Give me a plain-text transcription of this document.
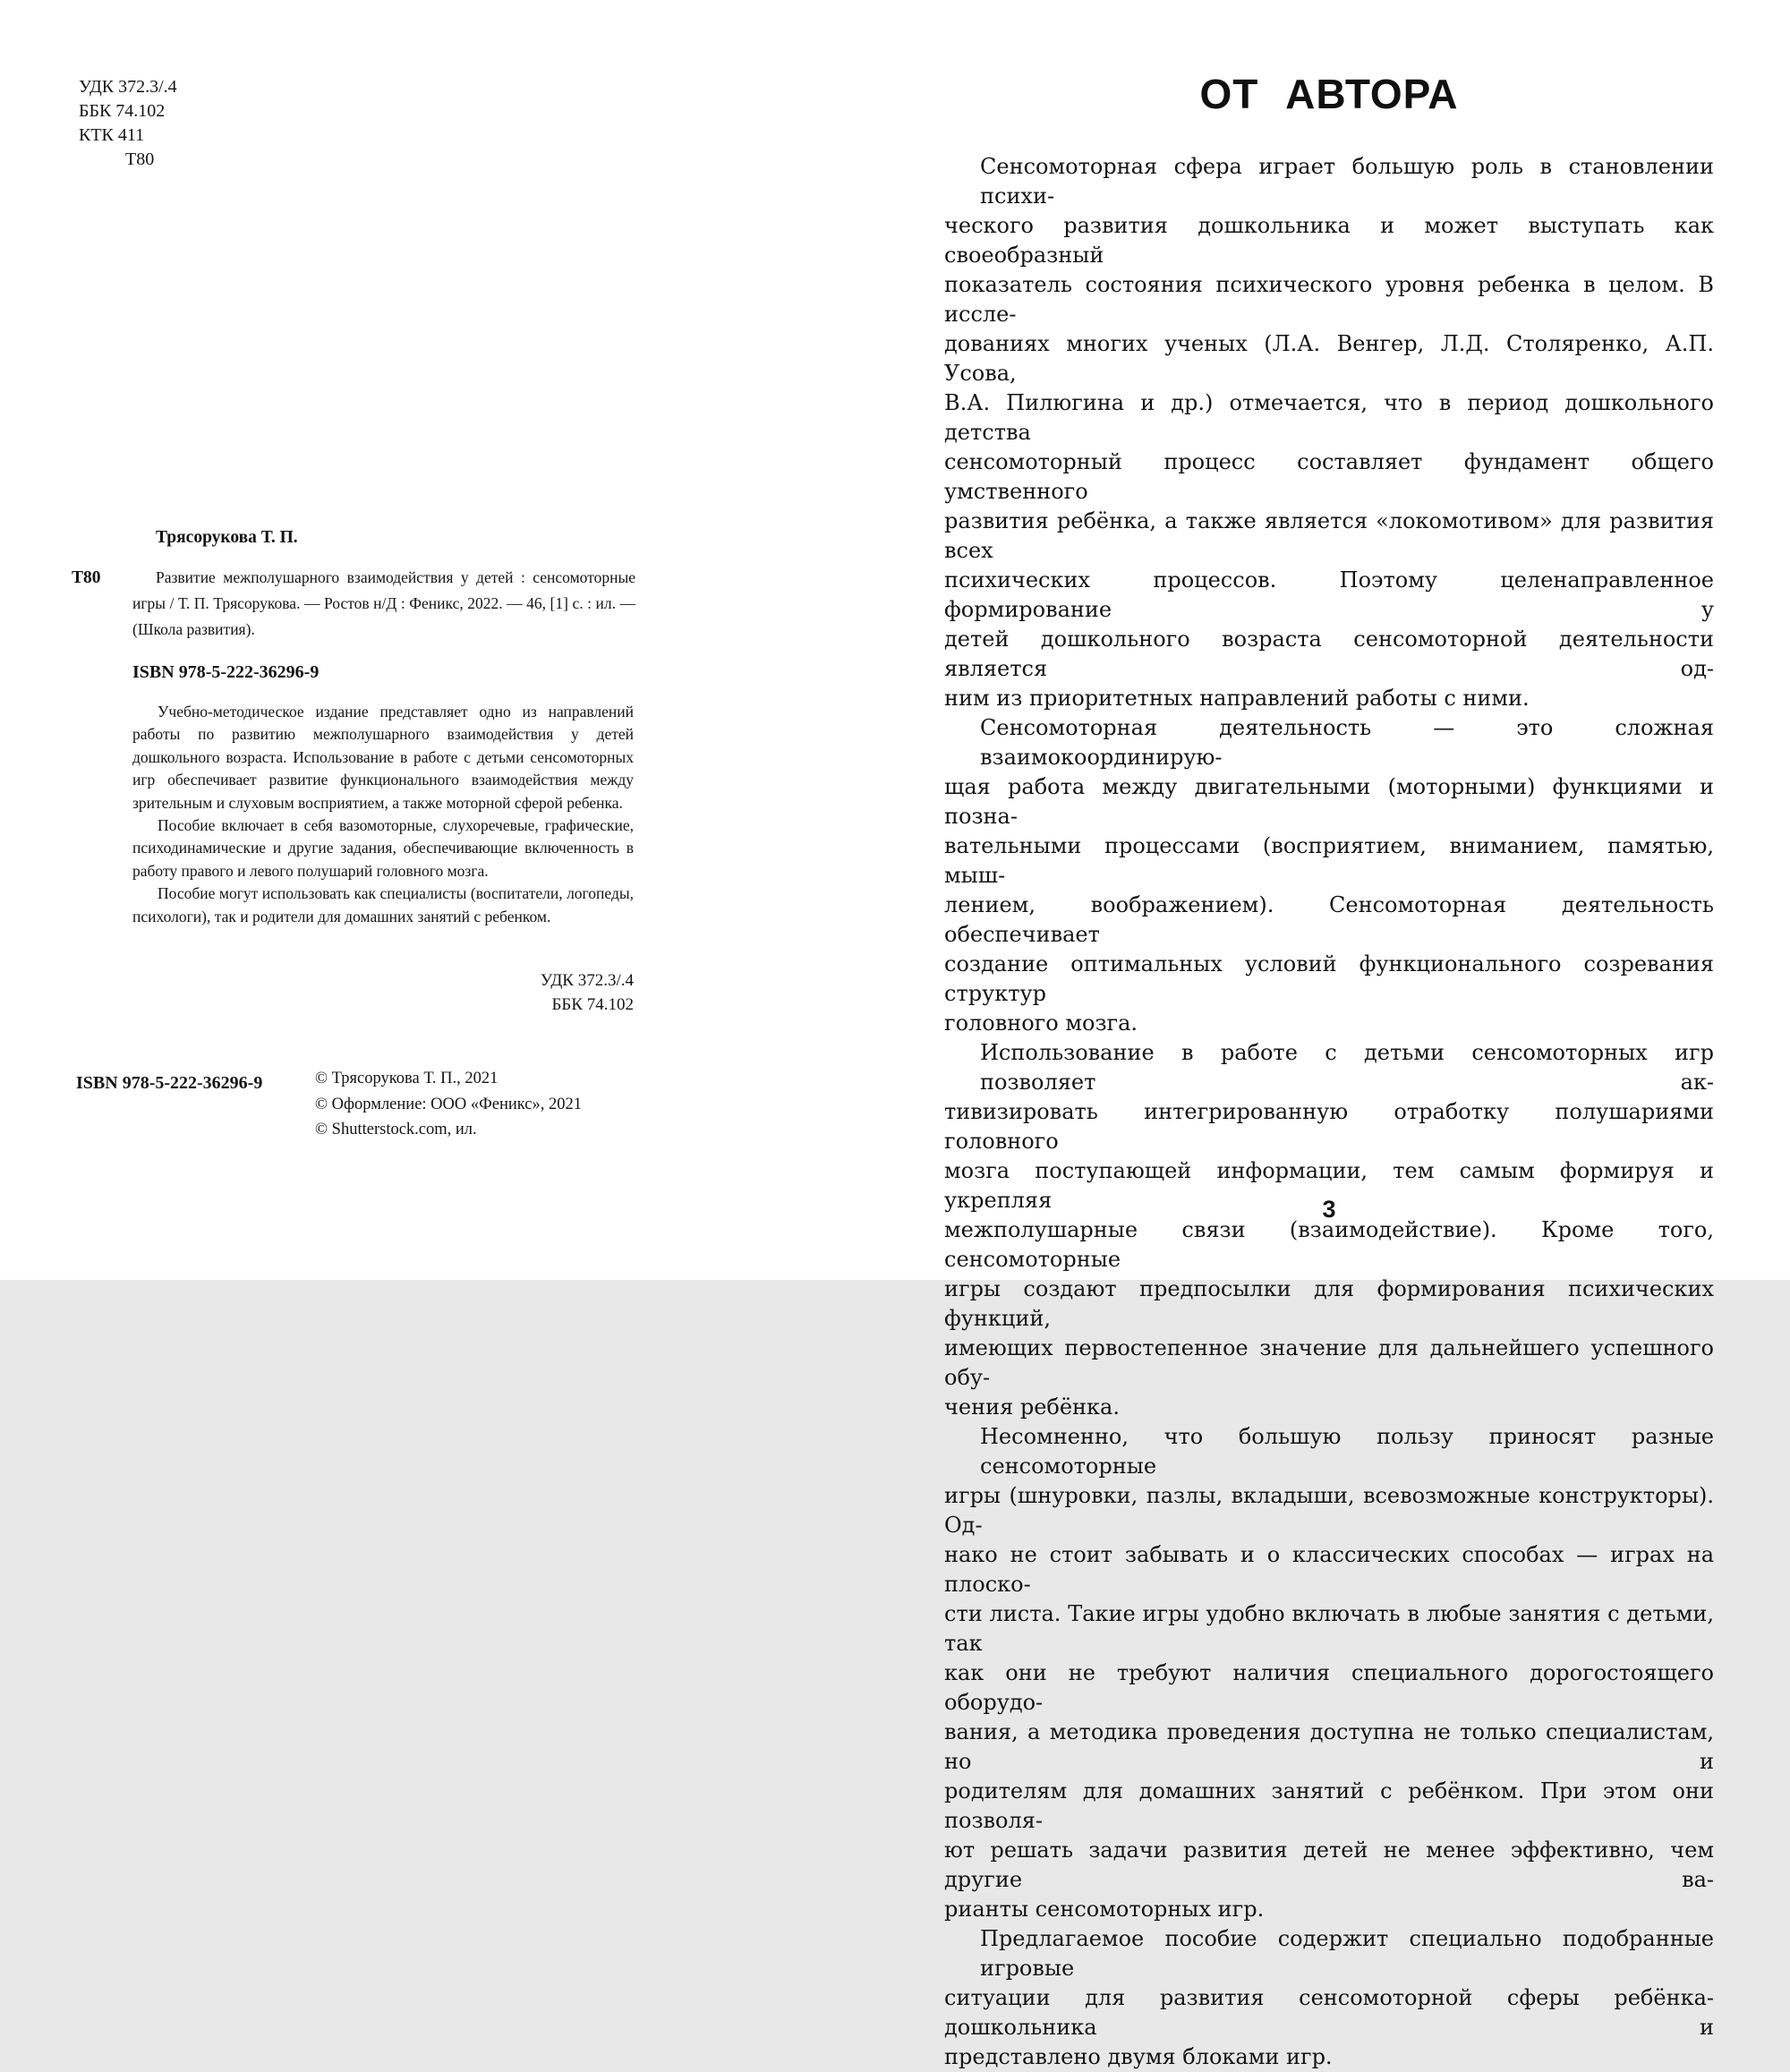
УДК 372.3/.4
ББК 74.102
КТК 411
Т80
Трясорукова Т. П.
Т80	Развитие межполушарного взаимодействия у детей : сенсомоторные
игры / Т. П. Трясорукова. — Ростов н/Д : Феникс, 2022. — 46, [1] с. : ил. —
(Школа развития).
ISBN 978-5-222-36296-9
Учебно-методическое издание представляет одно из направлений
работы по развитию межполушарного взаимодействия у детей
дошкольного возраста. Использование в работе с детьми сенсомоторных
игр обеспечивает развитие функционального взаимодействия между
зрительным и слуховым восприятием, а также моторной сферой ребенка.
Пособие включает в себя вазомоторные, слухоречевые, графические,
психодинамические и другие задания, обеспечивающие включенность в
работу правого и левого полушарий головного мозга.
Пособие могут использовать как специалисты (воспитатели, логопеды,
психологи), так и родители для домашних занятий с ребенком.
УДК 372.3/.4
ББК 74.102
ISBN 978-5-222-36296-9	© Трясорукова Т. П., 2021
© Оформление: ООО «Феникс», 2021
© Shutterstock.com, ил.
ОТ АВТОРА
Сенсомоторная сфера играет большую роль в становлении психи-
ческого развития дошкольника и может выступать как своеобразный
показатель состояния психического уровня ребенка в целом. В иссле-
дованиях многих ученых (Л.А. Венгер, Л.Д. Столяренко, А.П. Усова,
В.А. Пилюгина и др.) отмечается, что в период дошкольного детства
сенсомоторный процесс составляет фундамент общего умственного
развития ребёнка, а также является «локомотивом» для развития всех
психических процессов. Поэтому целенаправленное формирование у
детей дошкольного возраста сенсомоторной деятельности является од-
ним из приоритетных направлений работы с ними.
Сенсомоторная деятельность — это сложная взаимокоординирую-
щая работа между двигательными (моторными) функциями и позна-
вательными процессами (восприятием, вниманием, памятью, мыш-
лением, воображением). Сенсомоторная деятельность обеспечивает
создание оптимальных условий функционального созревания структур
головного мозга.
Использование в работе с детьми сенсомоторных игр позволяет ак-
тивизировать интегрированную отработку полушариями головного
мозга поступающей информации, тем самым формируя и укрепляя
межполушарные связи (взаимодействие). Кроме того, сенсомоторные
игры создают предпосылки для формирования психических функций,
имеющих первостепенное значение для дальнейшего успешного обу-
чения ребёнка.
Несомненно, что большую пользу приносят разные сенсомоторные
игры (шнуровки, пазлы, вкладыши, всевозможные конструкторы). Од-
нако не стоит забывать и о классических способах — играх на плоско-
сти листа. Такие игры удобно включать в любые занятия с детьми, так
как они не требуют наличия специального дорогостоящего оборудо-
вания, а методика проведения доступна не только специалистам, но и
родителям для домашних занятий с ребёнком. При этом они позволя-
ют решать задачи развития детей не менее эффективно, чем другие ва-
рианты сенсомоторных игр.
Предлагаемое пособие содержит специально подобранные игровые
ситуации для развития сенсомоторной сферы ребёнка-дошкольника и
представлено двумя блоками игр.
3
